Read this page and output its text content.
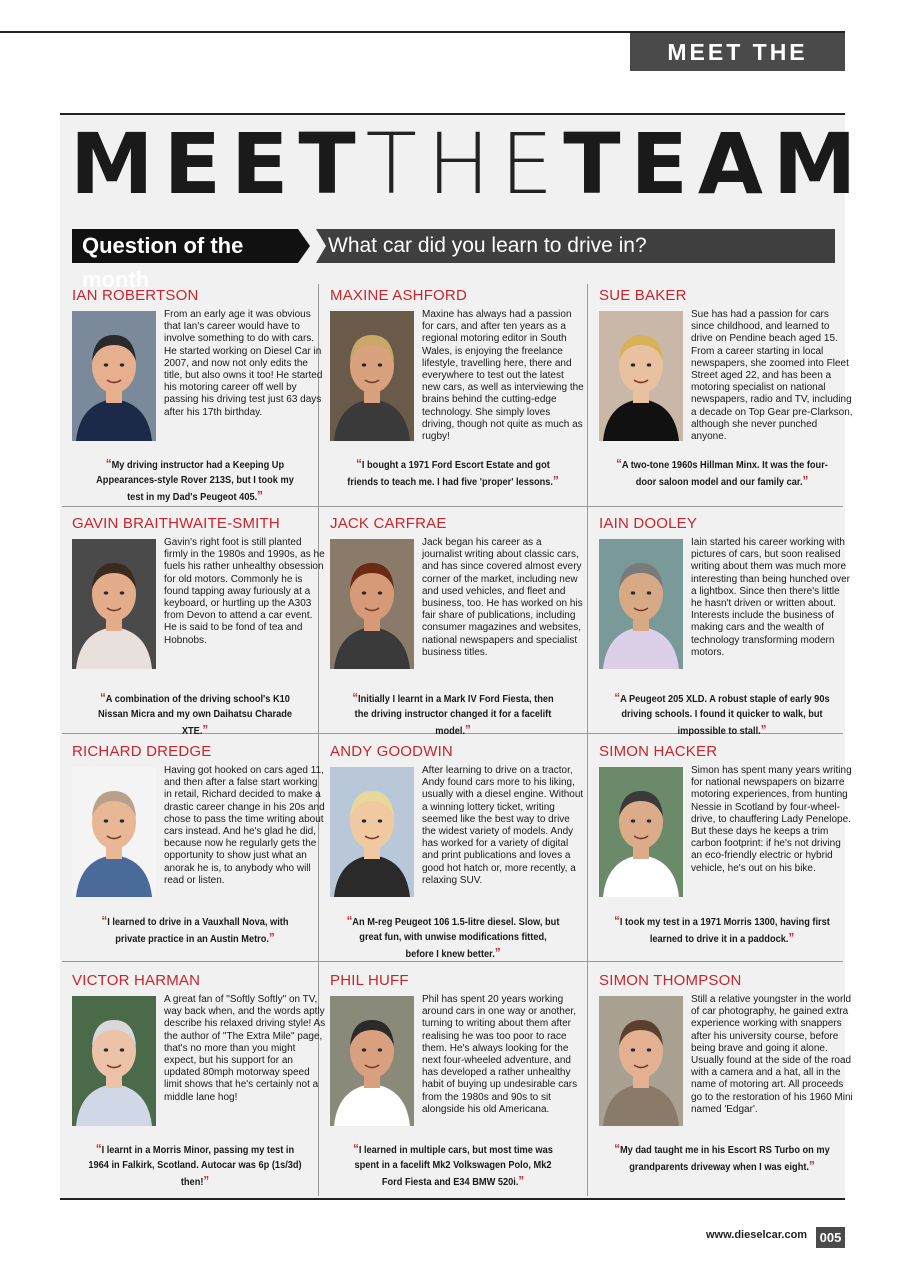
MEET THE TEAM
MEET THE TEAM
Question of the month
What car did you learn to drive in?
IAN ROBERTSON
From an early age it was obvious that Ian's career would have to involve something to do with cars. He started working on Diesel Car in 2007, and now not only edits the title, but also owns it too! He started his motoring career off well by passing his driving test just 63 days after his 17th birthday.
“My driving instructor had a Keeping Up Appearances-style Rover 213S, but I took my test in my Dad's Peugeot 405.”
MAXINE ASHFORD
Maxine has always had a passion for cars, and after ten years as a regional motoring editor in South Wales, is enjoying the freelance lifestyle, travelling here, there and everywhere to test out the latest new cars, as well as interviewing the brains behind the cutting-edge technology. She simply loves driving, though not quite as much as rugby!
“I bought a 1971 Ford Escort Estate and got friends to teach me. I had five 'proper' lessons.”
SUE BAKER
Sue has had a passion for cars since childhood, and learned to drive on Pendine beach aged 15. From a career starting in local newspapers, she zoomed into Fleet Street aged 22, and has been a motoring specialist on national newspapers, radio and TV, including a decade on Top Gear pre-Clarkson, although she never punched anyone.
“A two-tone 1960s Hillman Minx. It was the four-door saloon model and our family car.”
GAVIN BRAITHWAITE-SMITH
Gavin's right foot is still planted firmly in the 1980s and 1990s, as he fuels his rather unhealthy obsession for old motors. Commonly he is found tapping away furiously at a keyboard, or hurtling up the A303 from Devon to attend a car event. He is said to be fond of tea and Hobnobs.
“A combination of the driving school's K10 Nissan Micra and my own Daihatsu Charade XTE.”
JACK CARFRAE
Jack began his career as a journalist writing about classic cars, and has since covered almost every corner of the market, including new and used vehicles, and fleet and business, too. He has worked on his fair share of publications, including consumer magazines and websites, national newspapers and specialist business titles.
“Initially I learnt in a Mark IV Ford Fiesta, then the driving instructor changed it for a facelift model.”
IAIN DOOLEY
Iain started his career working with pictures of cars, but soon realised writing about them was much more interesting than being hunched over a lightbox. Since then there's little he hasn't driven or written about. Interests include the business of making cars and the wealth of technology transforming modern motors.
“A Peugeot 205 XLD. A robust staple of early 90s driving schools. I found it quicker to walk, but impossible to stall.”
RICHARD DREDGE
Having got hooked on cars aged 11, and then after a false start working in retail, Richard decided to make a drastic career change in his 20s and chose to pass the time writing about cars instead. And he's glad he did, because now he regularly gets the opportunity to show just what an anorak he is, to anybody who will read or listen.
“I learned to drive in a Vauxhall Nova, with private practice in an Austin Metro.”
ANDY GOODWIN
After learning to drive on a tractor, Andy found cars more to his liking, usually with a diesel engine. Without a winning lottery ticket, writing seemed like the best way to drive the widest variety of models. Andy has worked for a variety of digital and print publications and loves a good hot hatch or, more recently, a relaxing SUV.
“An M-reg Peugeot 106 1.5-litre diesel. Slow, but great fun, with unwise modifications fitted, before I knew better.”
SIMON HACKER
Simon has spent many years writing for national newspapers on bizarre motoring experiences, from hunting Nessie in Scotland by four-wheel-drive, to chauffering Lady Penelope. But these days he keeps a trim carbon footprint: if he's not driving an eco-friendly electric or hybrid vehicle, he's out on his bike.
“I took my test in a 1971 Morris 1300, having first learned to drive it in a paddock.”
VICTOR HARMAN
A great fan of "Softly Softly" on TV, way back when, and the words aptly describe his relaxed driving style! As the author of "The Extra Mile" page, that's no more than you might expect, but his support for an updated 80mph motorway speed limit shows that he's certainly not a middle lane hog!
“I learnt in a Morris Minor, passing my test in 1964 in Falkirk, Scotland. Autocar was 6p (1s/3d) then!”
PHIL HUFF
Phil has spent 20 years working around cars in one way or another, turning to writing about them after realising he was too poor to race them. He's always looking for the next four-wheeled adventure, and has developed a rather unhealthy habit of buying up undesirable cars from the 1980s and 90s to sit alongside his old Americana.
“I learned in multiple cars, but most time was spent in a facelift Mk2 Volkswagen Polo, Mk2 Ford Fiesta and E34 BMW 520i.”
SIMON THOMPSON
Still a relative youngster in the world of car photography, he gained extra experience working with snappers after his university course, before being brave and going it alone. Usually found at the side of the road with a camera and a hat, all in the name of motoring art. All proceeds go to the restoration of his 1960 Mini named 'Edgar'.
“My dad taught me in his Escort RS Turbo on my grandparents driveway when I was eight.”
www.dieselcar.com 005
